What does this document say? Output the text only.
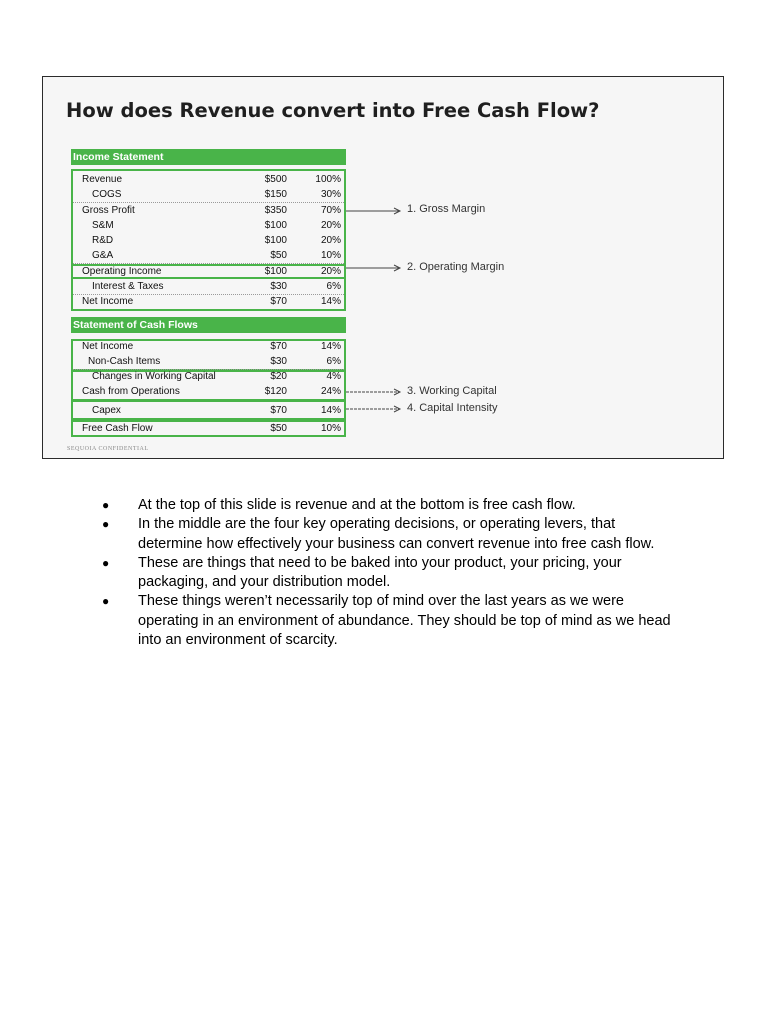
How does Revenue convert into Free Cash Flow?
Income Statement
Revenue	$500	100%
COGS	$150	30%
Gross Profit	$350	70%
S&M	$100	20%
R&D	$100	20%
G&A	$50	10%
Operating Income	$100	20%
Interest & Taxes	$30	6%
Net Income	$70	14%
Statement of Cash Flows
Net Income	$70	14%
Non-Cash Items	$30	6%
Changes in Working Capital	$20	4%
Cash from Operations	$120	24%
Capex	$70	14%
Free Cash Flow	$50	10%
1. Gross Margin
2. Operating Margin
3. Working Capital
4. Capital Intensity
SEQUOIA CONFIDENTIAL
● At the top of this slide is revenue and at the bottom is free cash flow.
● In the middle are the four key operating decisions, or operating levers, that determine how effectively your business can convert revenue into free cash flow.
● These are things that need to be baked into your product, your pricing, your packaging, and your distribution model.
● These things weren’t necessarily top of mind over the last years as we were operating in an environment of abundance. They should be top of mind as we head into an environment of scarcity.
